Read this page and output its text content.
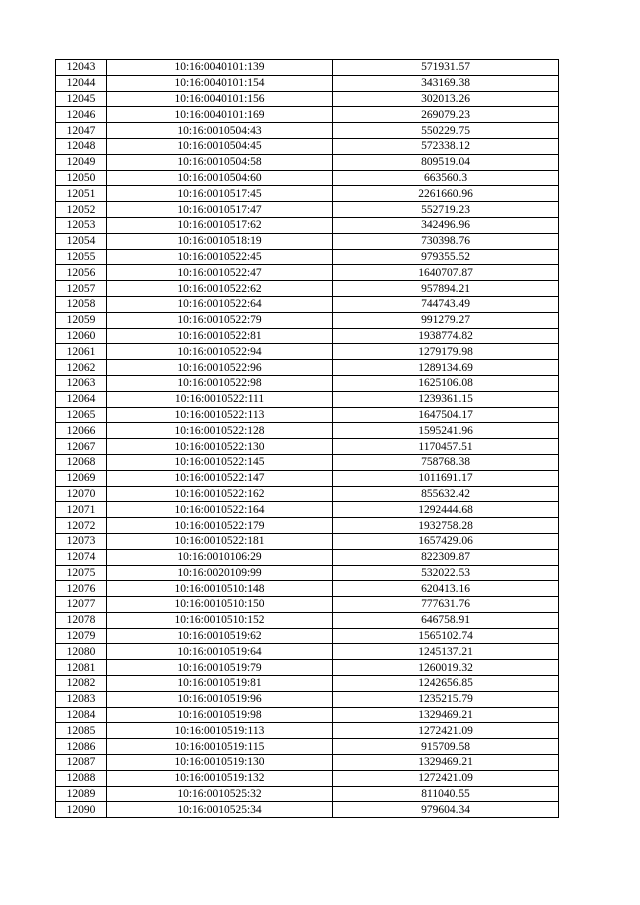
12043	10:16:0040101:139	571931.57
12044	10:16:0040101:154	343169.38
12045	10:16:0040101:156	302013.26
12046	10:16:0040101:169	269079.23
12047	10:16:0010504:43	550229.75
12048	10:16:0010504:45	572338.12
12049	10:16:0010504:58	809519.04
12050	10:16:0010504:60	663560.3
12051	10:16:0010517:45	2261660.96
12052	10:16:0010517:47	552719.23
12053	10:16:0010517:62	342496.96
12054	10:16:0010518:19	730398.76
12055	10:16:0010522:45	979355.52
12056	10:16:0010522:47	1640707.87
12057	10:16:0010522:62	957894.21
12058	10:16:0010522:64	744743.49
12059	10:16:0010522:79	991279.27
12060	10:16:0010522:81	1938774.82
12061	10:16:0010522:94	1279179.98
12062	10:16:0010522:96	1289134.69
12063	10:16:0010522:98	1625106.08
12064	10:16:0010522:111	1239361.15
12065	10:16:0010522:113	1647504.17
12066	10:16:0010522:128	1595241.96
12067	10:16:0010522:130	1170457.51
12068	10:16:0010522:145	758768.38
12069	10:16:0010522:147	1011691.17
12070	10:16:0010522:162	855632.42
12071	10:16:0010522:164	1292444.68
12072	10:16:0010522:179	1932758.28
12073	10:16:0010522:181	1657429.06
12074	10:16:0010106:29	822309.87
12075	10:16:0020109:99	532022.53
12076	10:16:0010510:148	620413.16
12077	10:16:0010510:150	777631.76
12078	10:16:0010510:152	646758.91
12079	10:16:0010519:62	1565102.74
12080	10:16:0010519:64	1245137.21
12081	10:16:0010519:79	1260019.32
12082	10:16:0010519:81	1242656.85
12083	10:16:0010519:96	1235215.79
12084	10:16:0010519:98	1329469.21
12085	10:16:0010519:113	1272421.09
12086	10:16:0010519:115	915709.58
12087	10:16:0010519:130	1329469.21
12088	10:16:0010519:132	1272421.09
12089	10:16:0010525:32	811040.55
12090	10:16:0010525:34	979604.34
